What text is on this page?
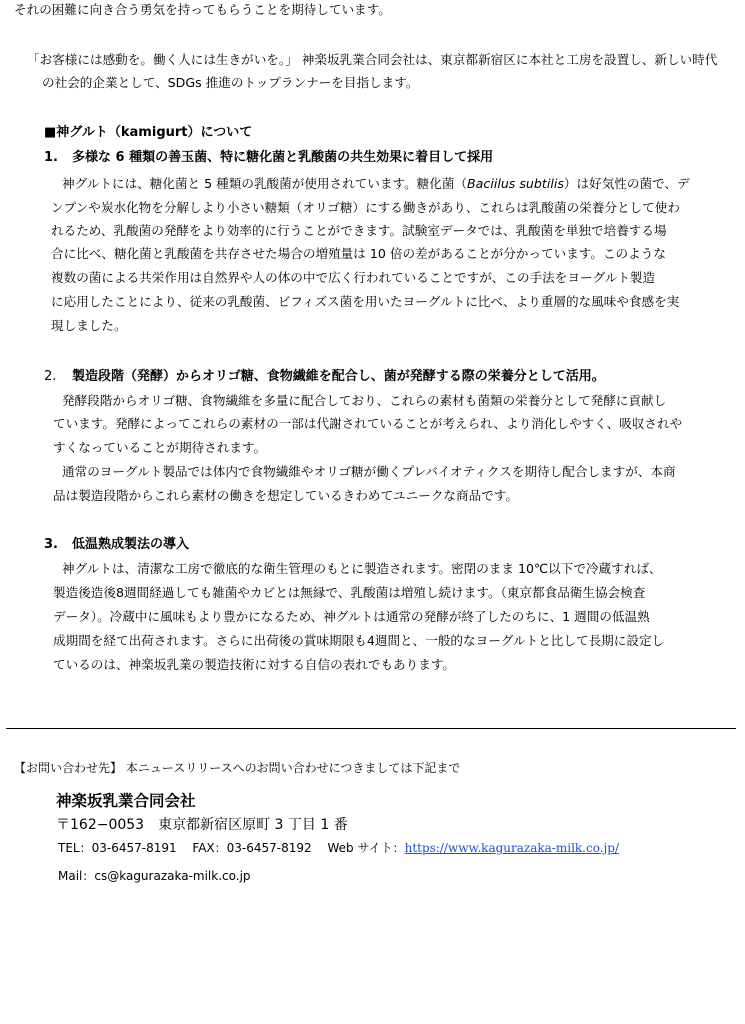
それの困難に向き合う勇気を持ってもらうことを期待しています。
「お客様には感動を。働く人には生きがいを。」 神楽坂乳業合同会社は、東京都新宿区に本社と工房を設置し、新しい時代
の社会的企業として、SDGs 推進のトップランナーを目指します。
■神グルト（kamigurt）について
1. 多様な 6 種類の善玉菌、特に糖化菌と乳酸菌の共生効果に着目して採用
神グルトには、糖化菌と 5 種類の乳酸菌が使用されています。糖化菌（Baciilus subtilis）は好気性の菌で、デ
ンプンや炭水化物を分解しより小さい糖類（オリゴ糖）にする働きがあり、これらは乳酸菌の栄養分として使わ
れるため、乳酸菌の発酵をより効率的に行うことができます。試験室データでは、乳酸菌を単独で培養する場
合に比べ、糖化菌と乳酸菌を共存させた場合の増殖量は 10 倍の差があることが分かっています。このような
複数の菌による共栄作用は自然界や人の体の中で広く行われていることですが、この手法をヨーグルト製造
に応用したことにより、従来の乳酸菌、ビフィズス菌を用いたヨーグルトに比べ、より重層的な風味や食感を実
現しました。
2. 製造段階（発酵）からオリゴ糖、食物繊維を配合し、菌が発酵する際の栄養分として活用。
発酵段階からオリゴ糖、食物繊維を多量に配合しており、これらの素材も菌類の栄養分として発酵に貢献し
ています。発酵によってこれらの素材の一部は代謝されていることが考えられ、より消化しやすく、吸収されや
すくなっていることが期待されます。
通常のヨーグルト製品では体内で食物繊維やオリゴ糖が働くプレバイオティクスを期待し配合しますが、本商
品は製造段階からこれら素材の働きを想定しているきわめてユニークな商品です。
3. 低温熟成製法の導入
神グルトは、清潔な工房で徹底的な衛生管理のもとに製造されます。密閉のまま 10℃以下で冷蔵すれば、
製造後造後8週間経過しても雑菌やカビとは無縁で、乳酸菌は増殖し続けます。（東京都食品衛生協会検査
データ）。冷蔵中に風味もより豊かになるため、神グルトは通常の発酵が終了したのちに、1 週間の低温熟
成期間を経て出荷されます。さらに出荷後の賞味期限も4週間と、一般的なヨーグルトと比して長期に設定し
ているのは、神楽坂乳業の製造技術に対する自信の表れでもあります。
【お問い合わせ先】 本ニュースリリースへのお問い合わせにつきましては下記まで
神楽坂乳業合同会社
〒162−0053　東京都新宿区原町 3 丁目 1 番
TEL：03-6457-8191　 FAX：03-6457-8192　 Web サイト：https://www.kagurazaka-milk.co.jp/
Mail：cs@kagurazaka-milk.co.jp
